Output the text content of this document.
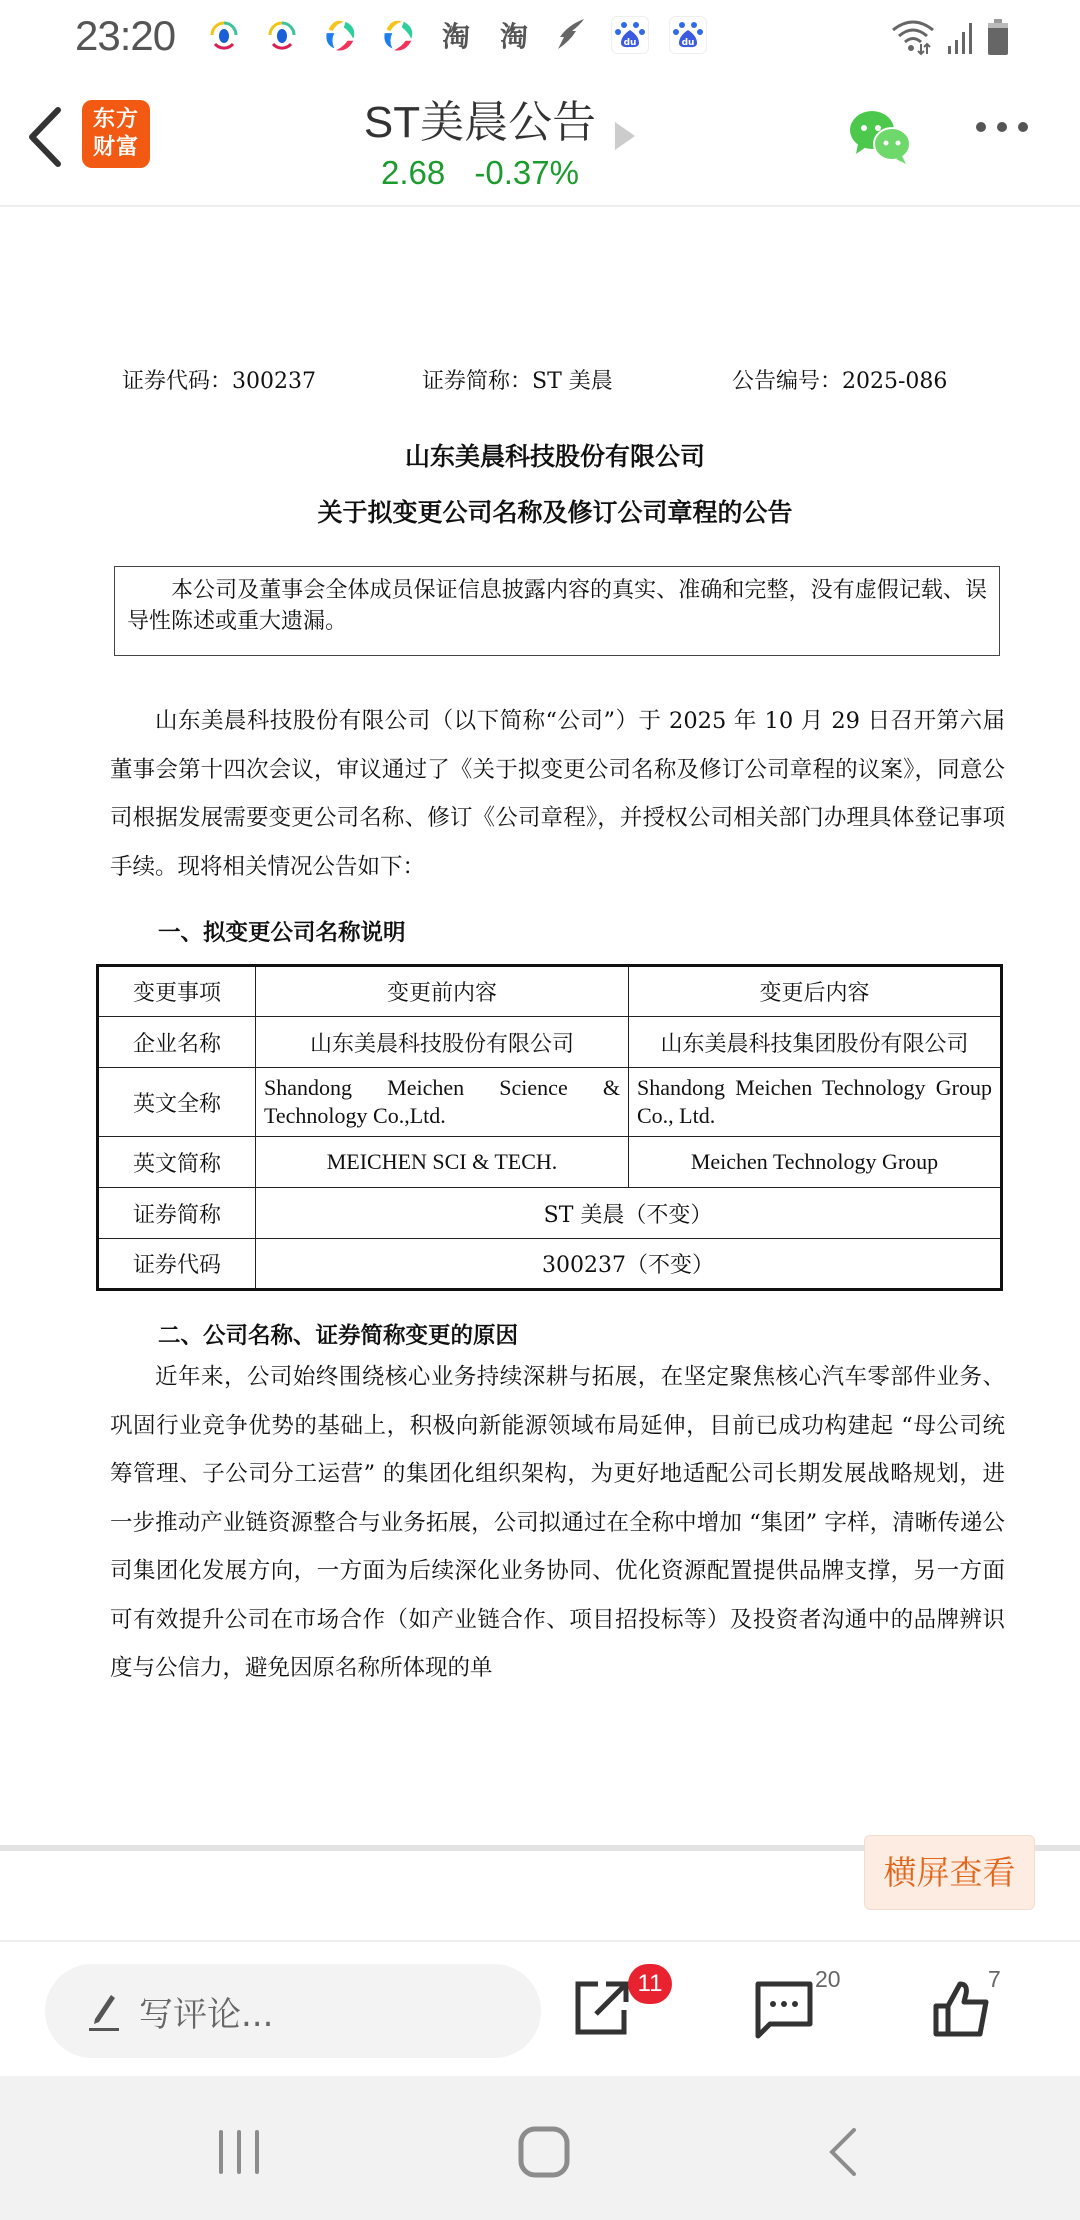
23:20	淘 淘	du	du
东方
财富
ST美晨公告
2.68 -0.37%
证券代码：300237	证券简称：ST 美晨	公告编号：2025-086
山东美晨科技股份有限公司
关于拟变更公司名称及修订公司章程的公告
本公司及董事会全体成员保证信息披露内容的真实、准确和完整，没有虚假记载、误导性陈述或重大遗漏。
山东美晨科技股份有限公司（以下简称“公司”）于 2025 年 10 月 29 日召开第六届董事会第十四次会议，审议通过了《关于拟变更公司名称及修订公司章程的议案》，同意公司根据发展需要变更公司名称、修订《公司章程》，并授权公司相关部门办理具体登记事项手续。现将相关情况公告如下：
一、拟变更公司名称说明
变更事项	变更前内容	变更后内容
企业名称	山东美晨科技股份有限公司	山东美晨科技集团股份有限公司
英文全称	Shandong Meichen Science & Technology Co.,Ltd.	Shandong Meichen Technology Group Co., Ltd.
英文简称	MEICHEN SCI & TECH.	Meichen Technology Group
证券简称	ST 美晨（不变）	
证券代码	300237（不变）	
二、公司名称、证券简称变更的原因
近年来，公司始终围绕核心业务持续深耕与拓展，在坚定聚焦核心汽车零部件业务、巩固行业竞争优势的基础上，积极向新能源领域布局延伸，目前已成功构建起 “母公司统筹管理、子公司分工运营” 的集团化组织架构，为更好地适配公司长期发展战略规划，进一步推动产业链资源整合与业务拓展，公司拟通过在全称中增加 “集团” 字样，清晰传递公司集团化发展方向，一方面为后续深化业务协同、优化资源配置提供品牌支撑，另一方面可有效提升公司在市场合作（如产业链合作、项目招投标等）及投资者沟通中的品牌辨识度与公信力，避免因原名称所体现的单
横屏查看
写评论...
11	20	7
